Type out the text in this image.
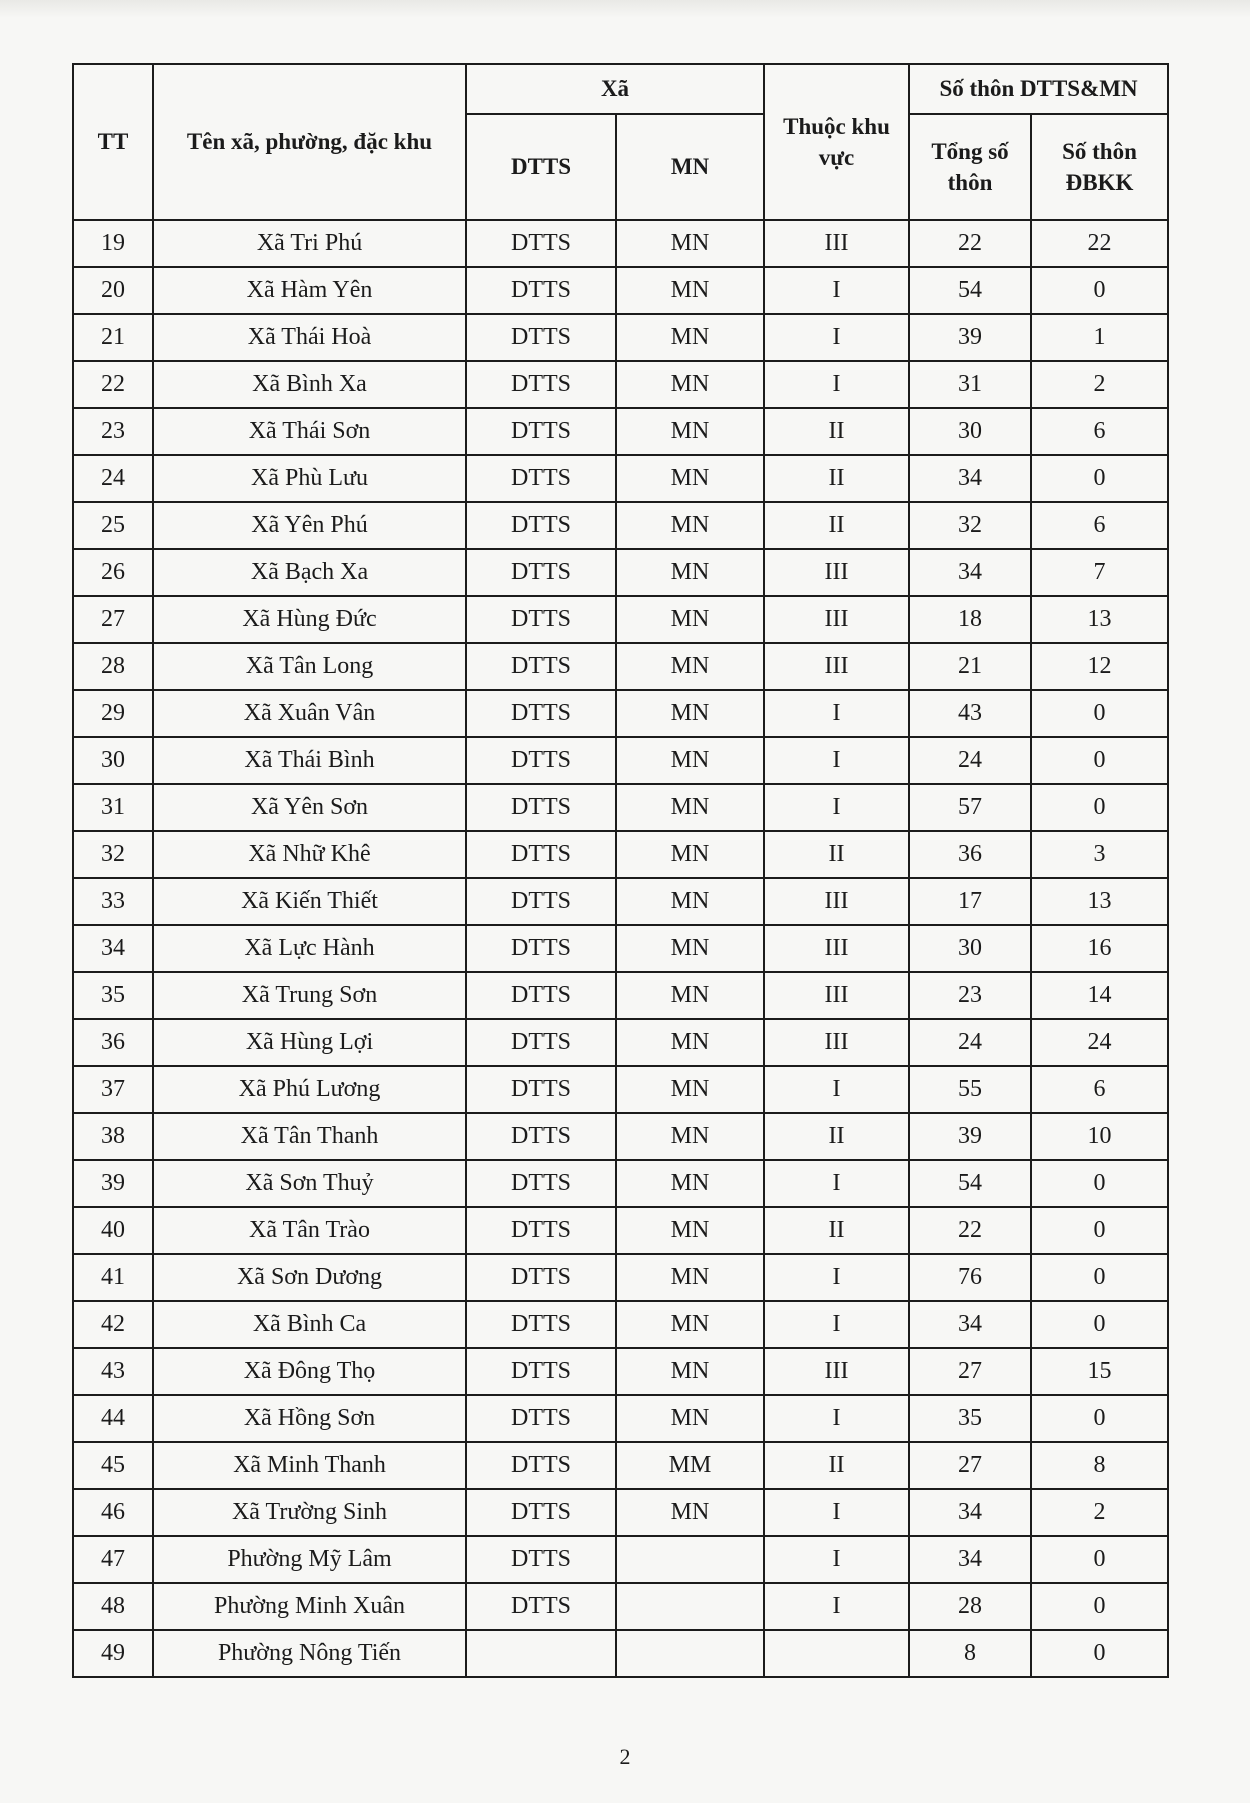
TT	Tên xã, phường, đặc khu	Xã		Thuộc khu vực	Số thôn DTTS&MN	
		DTTS	MN		Tổng số thôn	Số thôn ĐBKK
19	Xã Tri Phú	DTTS	MN	III	22	22
20	Xã Hàm Yên	DTTS	MN	I	54	0
21	Xã Thái Hoà	DTTS	MN	I	39	1
22	Xã Bình Xa	DTTS	MN	I	31	2
23	Xã Thái Sơn	DTTS	MN	II	30	6
24	Xã Phù Lưu	DTTS	MN	II	34	0
25	Xã Yên Phú	DTTS	MN	II	32	6
26	Xã Bạch Xa	DTTS	MN	III	34	7
27	Xã Hùng Đức	DTTS	MN	III	18	13
28	Xã Tân Long	DTTS	MN	III	21	12
29	Xã Xuân Vân	DTTS	MN	I	43	0
30	Xã Thái Bình	DTTS	MN	I	24	0
31	Xã Yên Sơn	DTTS	MN	I	57	0
32	Xã Nhữ Khê	DTTS	MN	II	36	3
33	Xã Kiến Thiết	DTTS	MN	III	17	13
34	Xã Lực Hành	DTTS	MN	III	30	16
35	Xã Trung Sơn	DTTS	MN	III	23	14
36	Xã Hùng Lợi	DTTS	MN	III	24	24
37	Xã Phú Lương	DTTS	MN	I	55	6
38	Xã Tân Thanh	DTTS	MN	II	39	10
39	Xã Sơn Thuỷ	DTTS	MN	I	54	0
40	Xã Tân Trào	DTTS	MN	II	22	0
41	Xã Sơn Dương	DTTS	MN	I	76	0
42	Xã Bình Ca	DTTS	MN	I	34	0
43	Xã Đông Thọ	DTTS	MN	III	27	15
44	Xã Hồng Sơn	DTTS	MN	I	35	0
45	Xã Minh Thanh	DTTS	MM	II	27	8
46	Xã Trường Sinh	DTTS	MN	I	34	2
47	Phường Mỹ Lâm	DTTS		I	34	0
48	Phường Minh Xuân	DTTS		I	28	0
49	Phường Nông Tiến				8	0
2
